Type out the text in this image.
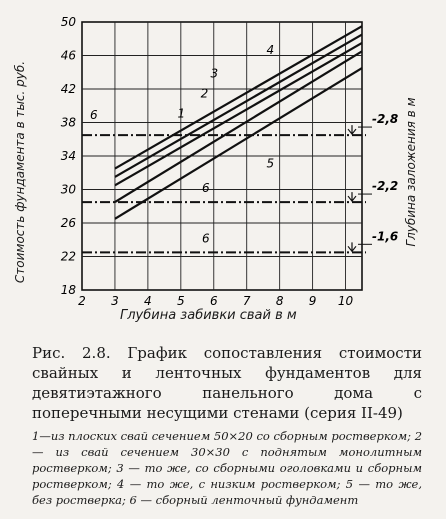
2 3 4 5 6 7 8 9 10
18
22
26
30
34
38
42
46
50
-2,8
6
-2,2
6
-1,6
6
1
2
3
4
5
Стоимость фундамента в тыс. руб.	Глубина заложения в м
Глубина забивки свай в м
Рис. 2.8. График сопоставления стоимости свайных и ленточных фундаментов для девятиэтажного панельного дома с поперечными несущими стенами (серия II-49)
1—из плоских свай сечением 50×20 со сборным ростверком; 2 — из свай сечением 30×30 с поднятым монолитным ростверком; 3 — то же, со сборными оголовками и сборным ростверком; 4 — то же, с низким ростверком; 5 — то же, без ростверка; 6 — сборный ленточный фундамент
